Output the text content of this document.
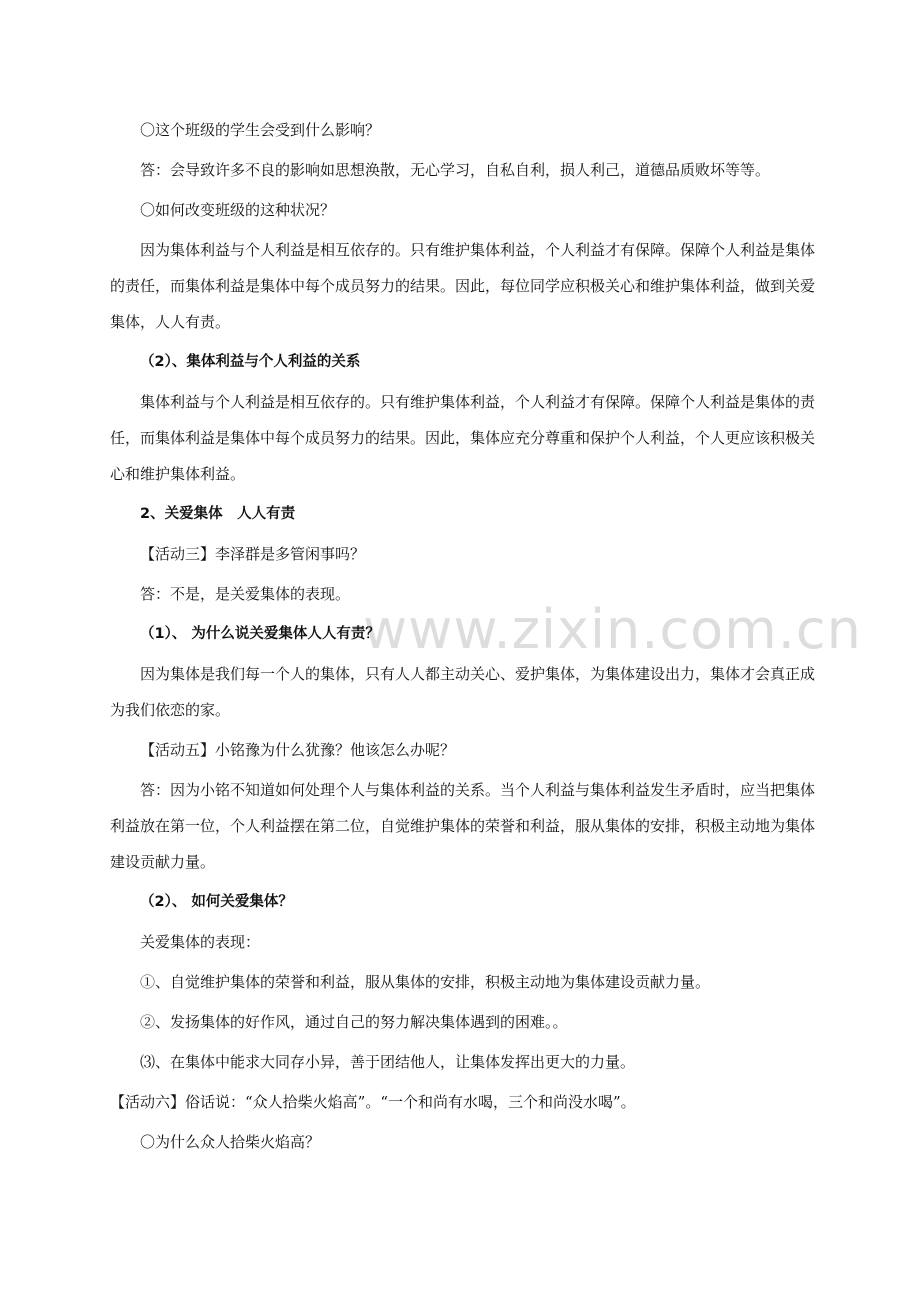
www.zixin.com.cn

〇这个班级的学生会受到什么影响？

答：会导致许多不良的影响如思想涣散，无心学习，自私自利，损人利己，道德品质败坏等等。

〇如何改变班级的这种状况？

因为集体利益与个人利益是相互依存的。只有维护集体利益，个人利益才有保障。保障个人利益是集体的责任，而集体利益是集体中每个成员努力的结果。因此，每位同学应积极关心和维护集体利益，做到关爱集体，人人有责。

（2）、集体利益与个人利益的关系

集体利益与个人利益是相互依存的。只有维护集体利益，个人利益才有保障。保障个人利益是集体的责任，而集体利益是集体中每个成员努力的结果。因此，集体应充分尊重和保护个人利益，个人更应该积极关心和维护集体利益。

2、关爱集体　人人有责

【活动三】李泽群是多管闲事吗？

答：不是，是关爱集体的表现。

（1）、 为什么说关爱集体人人有责？

因为集体是我们每一个人的集体，只有人人都主动关心、爱护集体，为集体建设出力，集体才会真正成为我们依恋的家。

【活动五】小铭豫为什么犹豫？他该怎么办呢？

答：因为小铭不知道如何处理个人与集体利益的关系。当个人利益与集体利益发生矛盾时，应当把集体利益放在第一位，个人利益摆在第二位，自觉维护集体的荣誉和利益，服从集体的安排，积极主动地为集体建设贡献力量。

（2）、 如何关爱集体？

关爱集体的表现：

①、自觉维护集体的荣誉和利益，服从集体的安排，积极主动地为集体建设贡献力量。

②、发扬集体的好作风，通过自己的努力解决集体遇到的困难。。

⑶、在集体中能求大同存小异，善于团结他人，让集体发挥出更大的力量。

【活动六】俗话说：“众人拾柴火焰高”。“一个和尚有水喝，三个和尚没水喝”。

〇为什么众人拾柴火焰高？
